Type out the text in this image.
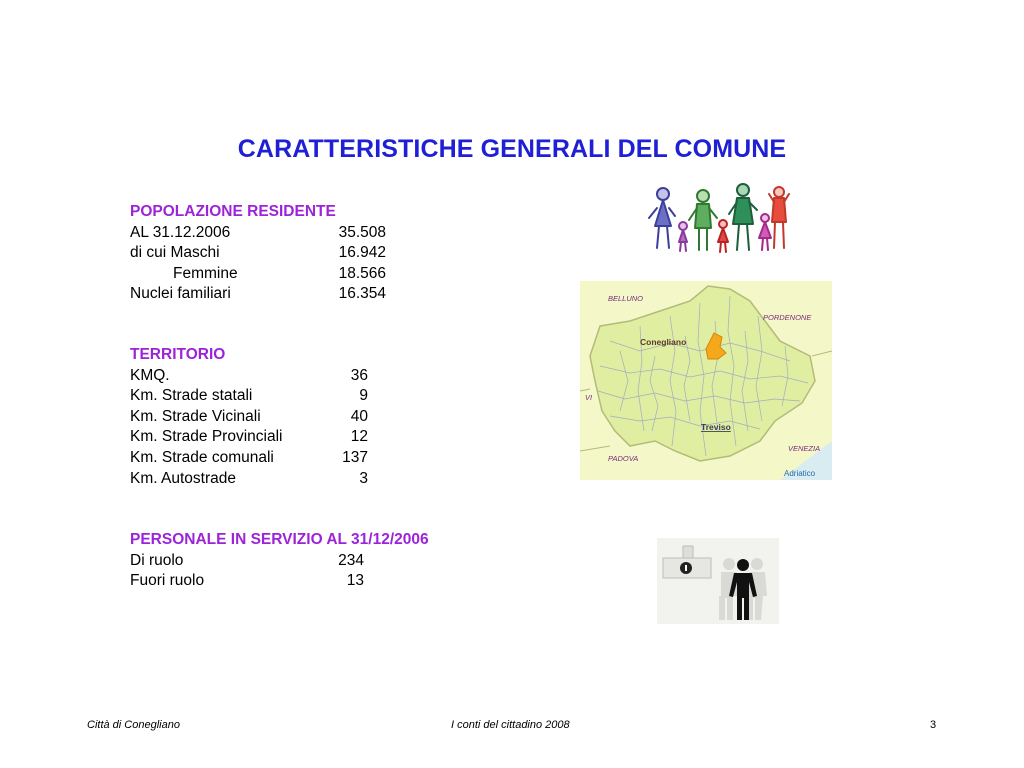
CARATTERISTICHE GENERALI DEL COMUNE
POPOLAZIONE RESIDENTE
AL 31.12.2006	35.508
di cui Maschi	16.942
Femmine	18.566
Nuclei familiari	16.354
TERRITORIO
KMQ.	36
Km. Strade statali	9
Km. Strade Vicinali	40
Km. Strade Provinciali	12
Km. Strade comunali	137
Km. Autostrade	3
PERSONALE IN SERVIZIO AL 31/12/2006
Di ruolo	234
Fuori ruolo	13
BELLUNO
PORDENONE
Conegliano
VI
Treviso
PADOVA
VENEZIA
Adriatico
Città di Conegliano	I conti del cittadino 2008	3
